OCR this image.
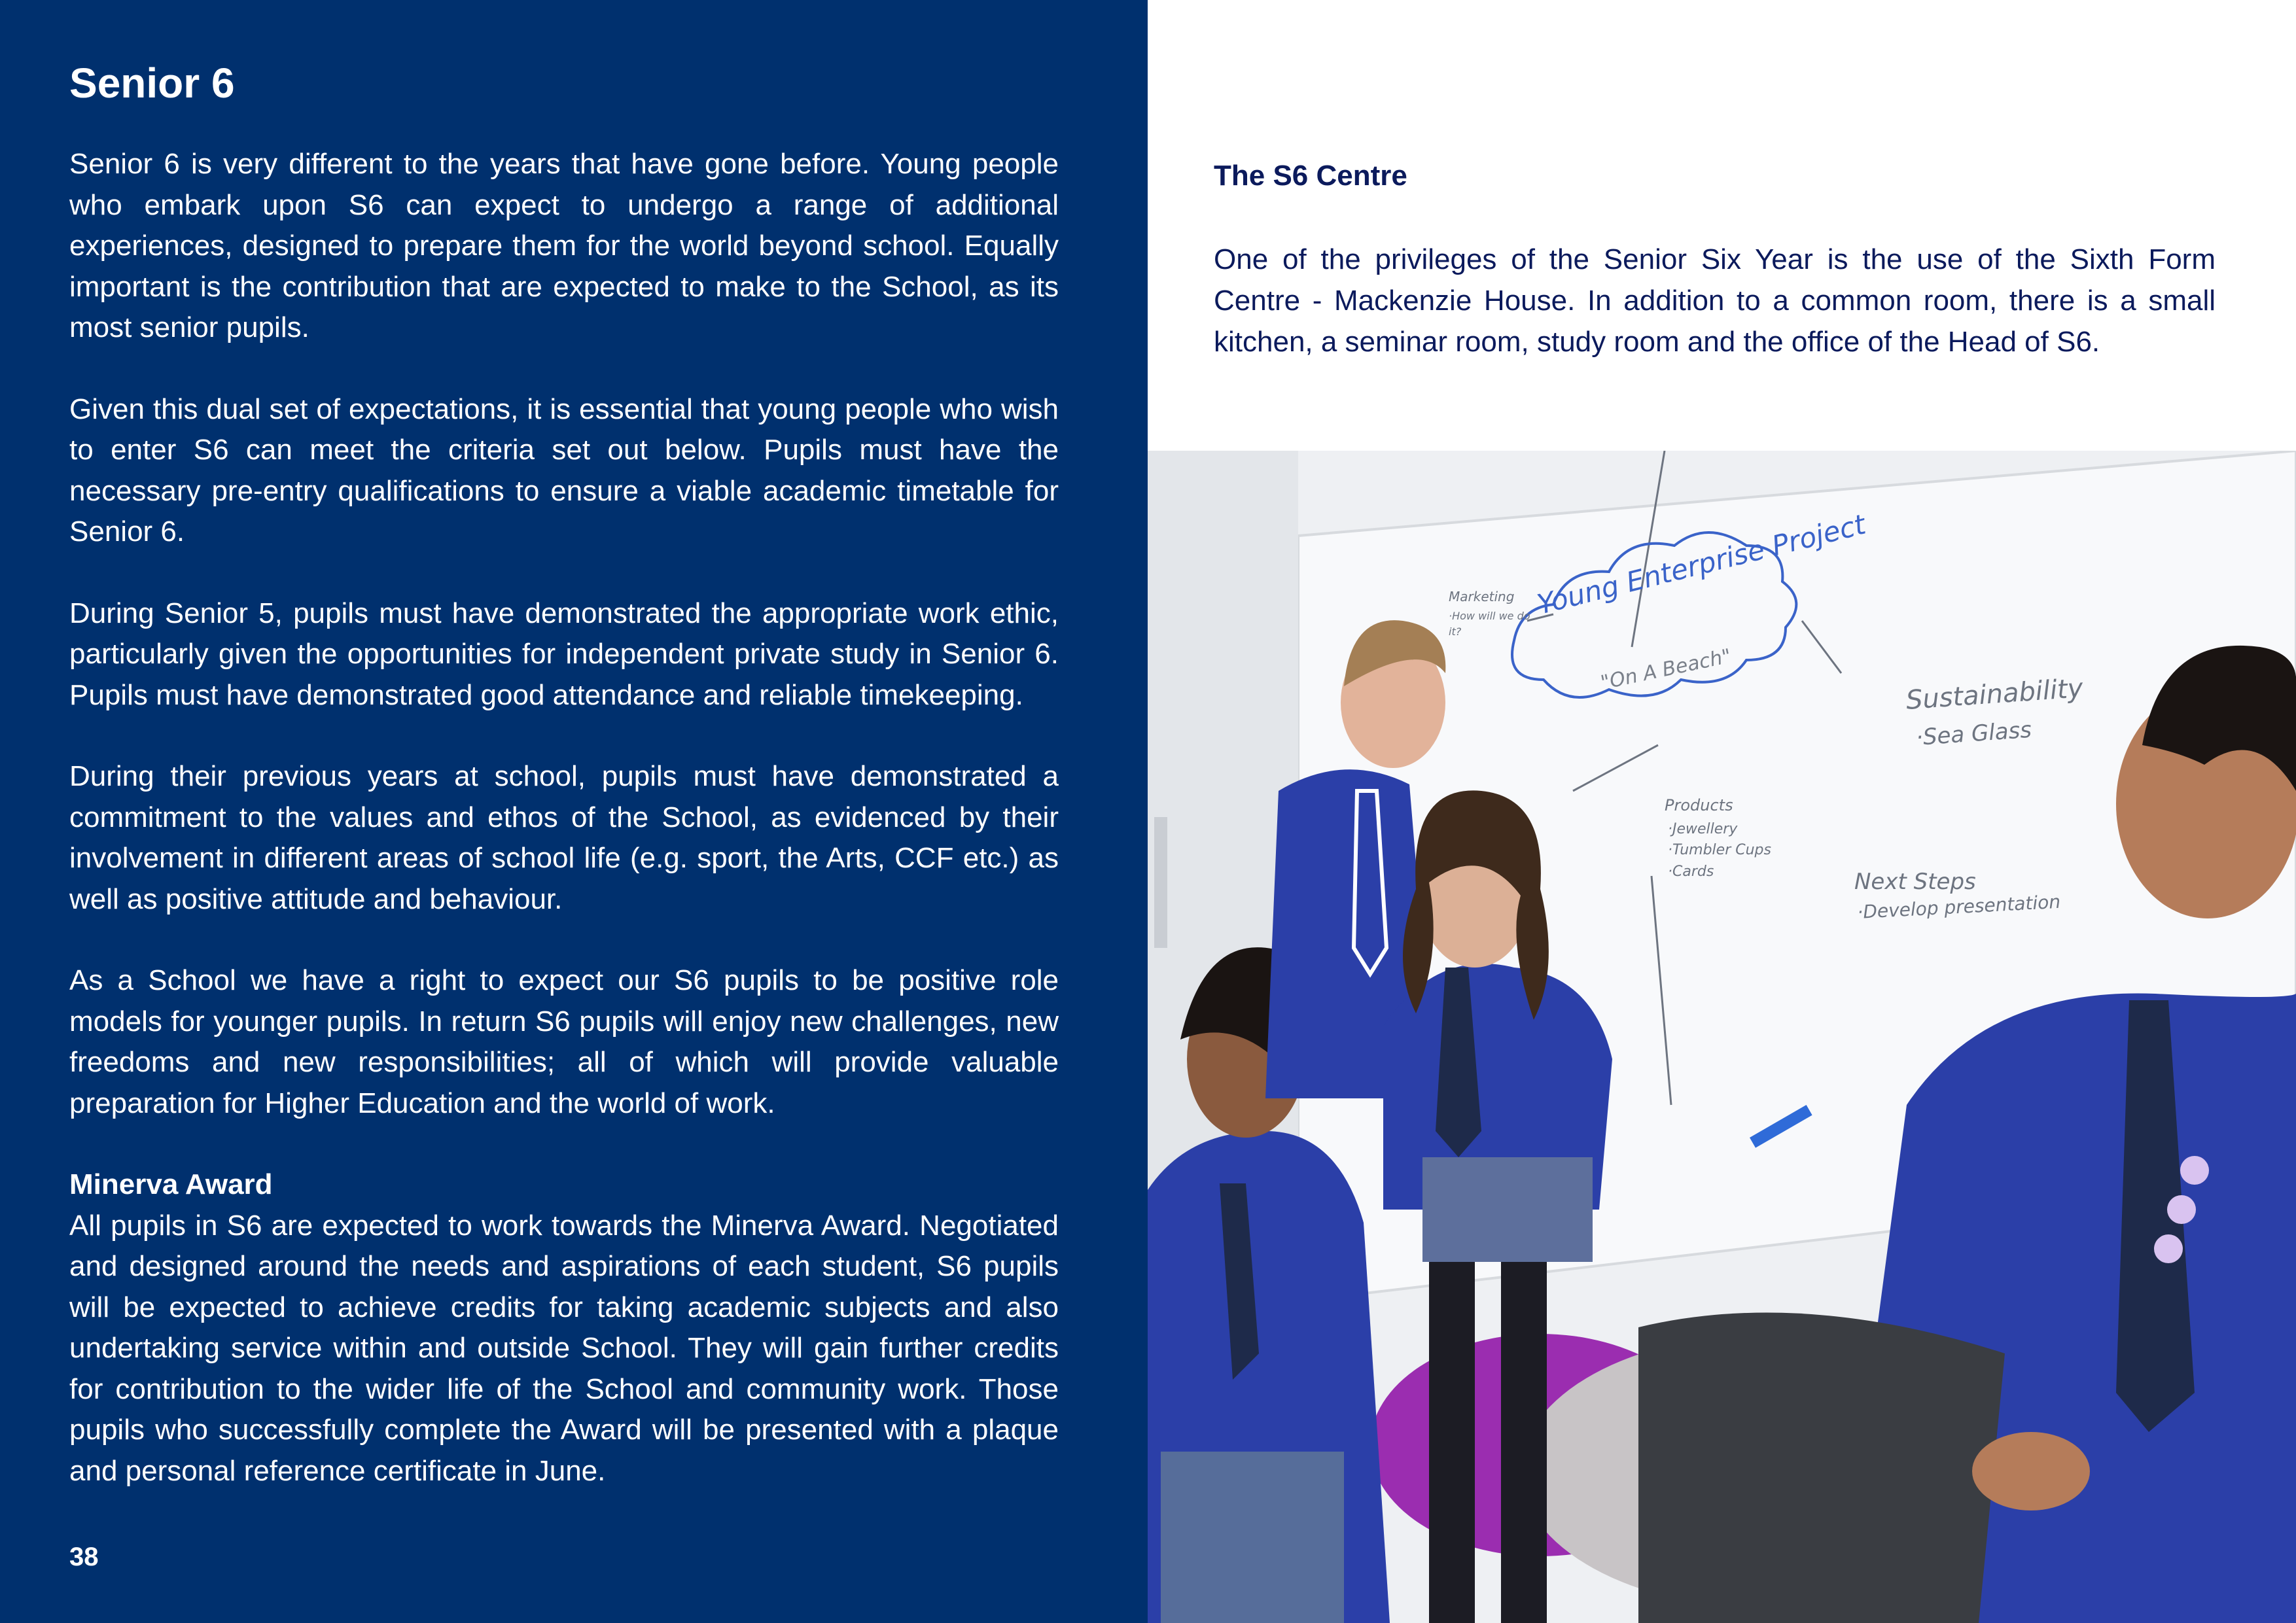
Senior 6

Senior 6 is very different to the years that have gone before. Young people who embark upon S6 can expect to undergo a range of additional experiences, designed to prepare them for the world beyond school. Equally important is the contribution that are expected to make to the School, as its most senior pupils.

Given this dual set of expectations, it is essential that young people who wish to enter S6 can meet the criteria set out below. Pupils must have the necessary pre-entry qualifications to ensure a viable academic timetable for Senior 6.

During Senior 5, pupils must have demonstrated the appropriate work ethic, particularly given the opportunities for independent private study in Senior 6. Pupils must have demonstrated good attendance and reliable timekeeping.

During their previous years at school, pupils must have demonstrated a commitment to the values and ethos of the School, as evidenced by their involvement in different areas of school life (e.g. sport, the Arts, CCF etc.) as well as positive attitude and behaviour.

As a School we have a right to expect our S6 pupils to be positive role models for younger pupils. In return S6 pupils will enjoy new challenges, new freedoms and new responsibilities; all of which will provide valuable preparation for Higher Education and the world of work.

Minerva Award

All pupils in S6 are expected to work towards the Minerva Award. Negotiated and designed around the needs and aspirations of each student, S6 pupils will be expected to achieve credits for taking academic subjects and also undertaking service within and outside School. They will gain further credits for contribution to the wider life of the School and community work. Those pupils who successfully complete the Award will be presented with a plaque and personal reference certificate in June.

38
The S6 Centre

One of the privileges of the Senior Six Year is the use of the Sixth Form Centre - Mackenzie House. In addition to a common room, there is a small kitchen, a seminar room, study room and the office of the Head of S6.

Young Enterprise Project
"On A Beach"
Marketing
·How will we do
it?
Sustainability
·Sea Glass
Products
·Jewellery
·Tumbler Cups
·Cards	Next Steps
·Develop presentation
